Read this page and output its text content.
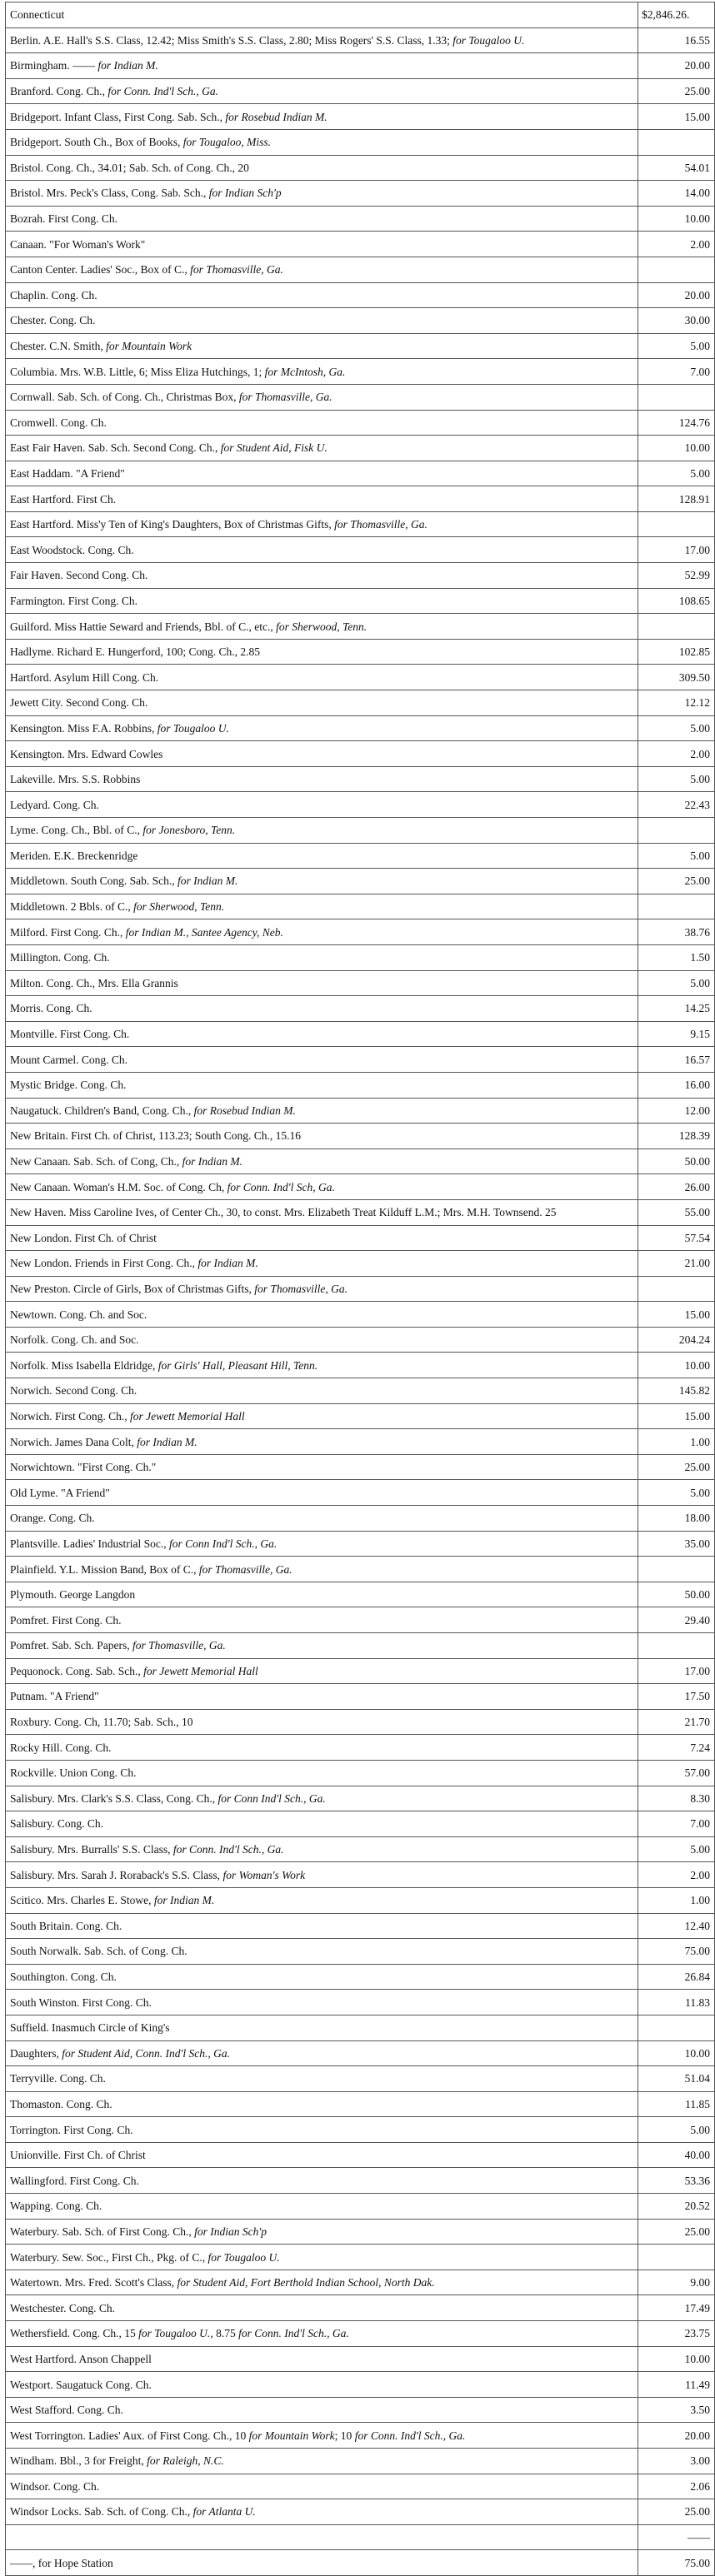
Connecticut	$2,846.26.
Berlin. A.E. Hall's S.S. Class, 12.42; Miss Smith's S.S. Class, 2.80; Miss Rogers' S.S. Class, 1.33; for Tougaloo U.	16.55
Birmingham. —— for Indian M.	20.00
Branford. Cong. Ch., for Conn. Ind'l Sch., Ga.	25.00
Bridgeport. Infant Class, First Cong. Sab. Sch., for Rosebud Indian M.	15.00
Bridgeport. South Ch., Box of Books, for Tougaloo, Miss.	
Bristol. Cong. Ch., 34.01; Sab. Sch. of Cong. Ch., 20	54.01
Bristol. Mrs. Peck's Class, Cong. Sab. Sch., for Indian Sch'p	14.00
Bozrah. First Cong. Ch.	10.00
Canaan. "For Woman's Work"	2.00
Canton Center. Ladies' Soc., Box of C., for Thomasville, Ga.	
Chaplin. Cong. Ch.	20.00
Chester. Cong. Ch.	30.00
Chester. C.N. Smith, for Mountain Work	5.00
Columbia. Mrs. W.B. Little, 6; Miss Eliza Hutchings, 1; for McIntosh, Ga.	7.00
Cornwall. Sab. Sch. of Cong. Ch., Christmas Box, for Thomasville, Ga.	
Cromwell. Cong. Ch.	124.76
East Fair Haven. Sab. Sch. Second Cong. Ch., for Student Aid, Fisk U.	10.00
East Haddam. "A Friend"	5.00
East Hartford. First Ch.	128.91
East Hartford. Miss'y Ten of King's Daughters, Box of Christmas Gifts, for Thomasville, Ga.	
East Woodstock. Cong. Ch.	17.00
Fair Haven. Second Cong. Ch.	52.99
Farmington. First Cong. Ch.	108.65
Guilford. Miss Hattie Seward and Friends, Bbl. of C., etc., for Sherwood, Tenn.	
Hadlyme. Richard E. Hungerford, 100; Cong. Ch., 2.85	102.85
Hartford. Asylum Hill Cong. Ch.	309.50
Jewett City. Second Cong. Ch.	12.12
Kensington. Miss F.A. Robbins, for Tougaloo U.	5.00
Kensington. Mrs. Edward Cowles	2.00
Lakeville. Mrs. S.S. Robbins	5.00
Ledyard. Cong. Ch.	22.43
Lyme. Cong. Ch., Bbl. of C., for Jonesboro, Tenn.	
Meriden. E.K. Breckenridge	5.00
Middletown. South Cong. Sab. Sch., for Indian M.	25.00
Middletown. 2 Bbls. of C., for Sherwood, Tenn.	
Milford. First Cong. Ch., for Indian M., Santee Agency, Neb.	38.76
Millington. Cong. Ch.	1.50
Milton. Cong. Ch., Mrs. Ella Grannis	5.00
Morris. Cong. Ch.	14.25
Montville. First Cong. Ch.	9.15
Mount Carmel. Cong. Ch.	16.57
Mystic Bridge. Cong. Ch.	16.00
Naugatuck. Children's Band, Cong. Ch., for Rosebud Indian M.	12.00
New Britain. First Ch. of Christ, 113.23; South Cong. Ch., 15.16	128.39
New Canaan. Sab. Sch. of Cong, Ch., for Indian M.	50.00
New Canaan. Woman's H.M. Soc. of Cong. Ch, for Conn. Ind'l Sch, Ga.	26.00
New Haven. Miss Caroline Ives, of Center Ch., 30, to const. Mrs. Elizabeth Treat Kilduff L.M.; Mrs. M.H. Townsend. 25	55.00
New London. First Ch. of Christ	57.54
New London. Friends in First Cong. Ch., for Indian M.	21.00
New Preston. Circle of Girls, Box of Christmas Gifts, for Thomasville, Ga.	
Newtown. Cong. Ch. and Soc.	15.00
Norfolk. Cong. Ch. and Soc.	204.24
Norfolk. Miss Isabella Eldridge, for Girls' Hall, Pleasant Hill, Tenn.	10.00
Norwich. Second Cong. Ch.	145.82
Norwich. First Cong. Ch., for Jewett Memorial Hall	15.00
Norwich. James Dana Colt, for Indian M.	1.00
Norwichtown. "First Cong. Ch."	25.00
Old Lyme. "A Friend"	5.00
Orange. Cong. Ch.	18.00
Plantsville. Ladies' Industrial Soc., for Conn Ind'l Sch., Ga.	35.00
Plainfield. Y.L. Mission Band, Box of C., for Thomasville, Ga.	
Plymouth. George Langdon	50.00
Pomfret. First Cong. Ch.	29.40
Pomfret. Sab. Sch. Papers, for Thomasville, Ga.	
Pequonock. Cong. Sab. Sch., for Jewett Memorial Hall	17.00
Putnam. "A Friend"	17.50
Roxbury. Cong. Ch, 11.70; Sab. Sch., 10	21.70
Rocky Hill. Cong. Ch.	7.24
Rockville. Union Cong. Ch.	57.00
Salisbury. Mrs. Clark's S.S. Class, Cong. Ch., for Conn Ind'l Sch., Ga.	8.30
Salisbury. Cong. Ch.	7.00
Salisbury. Mrs. Burralls' S.S. Class, for Conn. Ind'l Sch., Ga.	5.00
Salisbury. Mrs. Sarah J. Roraback's S.S. Class, for Woman's Work	2.00
Scitico. Mrs. Charles E. Stowe, for Indian M.	1.00
South Britain. Cong. Ch.	12.40
South Norwalk. Sab. Sch. of Cong. Ch.	75.00
Southington. Cong. Ch.	26.84
South Winston. First Cong. Ch.	11.83
Suffield. Inasmuch Circle of King's	
Daughters, for Student Aid, Conn. Ind'l Sch., Ga.	10.00
Terryville. Cong. Ch.	51.04
Thomaston. Cong. Ch.	11.85
Torrington. First Cong. Ch.	5.00
Unionville. First Ch. of Christ	40.00
Wallingford. First Cong. Ch.	53.36
Wapping. Cong. Ch.	20.52
Waterbury. Sab. Sch. of First Cong. Ch., for Indian Sch'p	25.00
Waterbury. Sew. Soc., First Ch., Pkg. of C., for Tougaloo U.	
Watertown. Mrs. Fred. Scott's Class, for Student Aid, Fort Berthold Indian School, North Dak.	9.00
Westchester. Cong. Ch.	17.49
Wethersfield. Cong. Ch., 15 for Tougaloo U., 8.75 for Conn. Ind'l Sch., Ga.	23.75
West Hartford. Anson Chappell	10.00
Westport. Saugatuck Cong. Ch.	11.49
West Stafford. Cong. Ch.	3.50
West Torrington. Ladies' Aux. of First Cong. Ch., 10 for Mountain Work; 10 for Conn. Ind'l Sch., Ga.	20.00
Windham. Bbl., 3 for Freight, for Raleigh, N.C.	3.00
Windsor. Cong. Ch.	2.06
Windsor Locks. Sab. Sch. of Cong. Ch., for Atlanta U.	25.00
	——
——, for Hope Station	75.00
